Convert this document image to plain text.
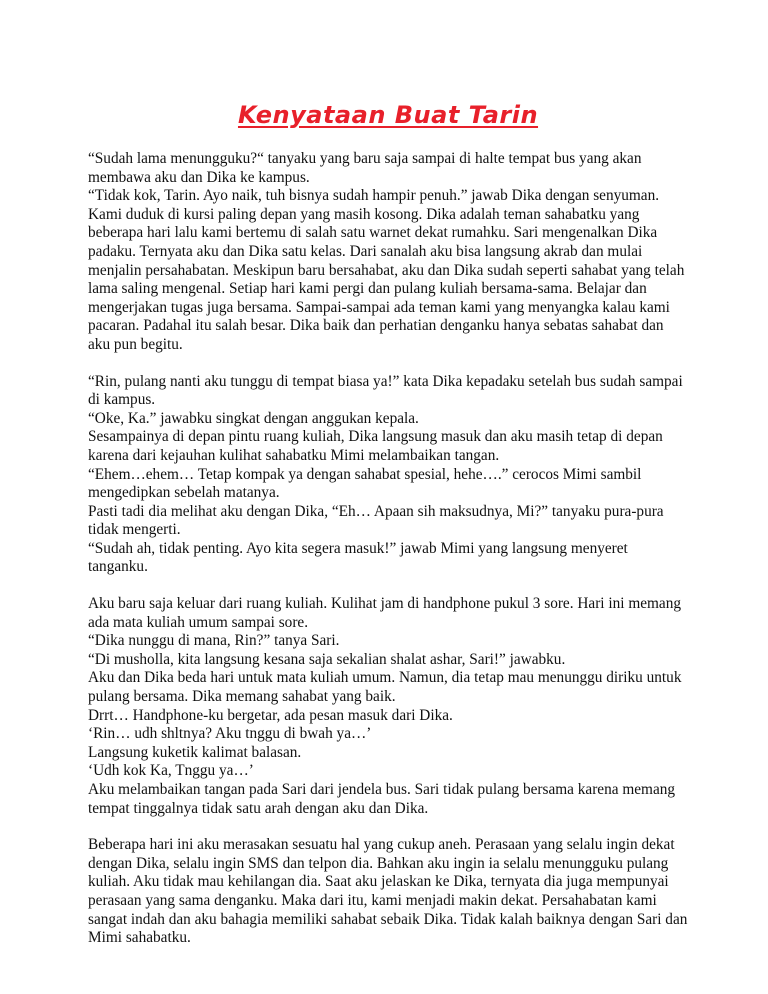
Kenyataan Buat Tarin

“Sudah lama menungguku?“ tanyaku yang baru saja sampai di halte tempat bus yang akan membawa aku dan Dika ke kampus.

“Tidak kok, Tarin. Ayo naik, tuh bisnya sudah hampir penuh.” jawab Dika dengan senyuman. Kami duduk di kursi paling depan yang masih kosong. Dika adalah teman sahabatku yang beberapa hari lalu kami bertemu di salah satu warnet dekat rumahku. Sari mengenalkan Dika padaku. Ternyata aku dan Dika satu kelas. Dari sanalah aku bisa langsung akrab dan mulai menjalin persahabatan. Meskipun baru bersahabat, aku dan Dika sudah seperti sahabat yang telah lama saling mengenal. Setiap hari kami pergi dan pulang kuliah bersama-sama. Belajar dan mengerjakan tugas juga bersama. Sampai-sampai ada teman kami yang menyangka kalau kami pacaran. Padahal itu salah besar. Dika baik dan perhatian denganku hanya sebatas sahabat dan aku pun begitu.

“Rin, pulang nanti aku tunggu di tempat biasa ya!” kata Dika kepadaku setelah bus sudah sampai di kampus.

“Oke, Ka.” jawabku singkat dengan anggukan kepala.

Sesampainya di depan pintu ruang kuliah, Dika langsung masuk dan aku masih tetap di depan karena dari kejauhan kulihat sahabatku Mimi melambaikan tangan.

“Ehem…ehem… Tetap kompak ya dengan sahabat spesial, hehe….” cerocos Mimi sambil mengedipkan sebelah matanya.

Pasti tadi dia melihat aku dengan Dika, “Eh… Apaan sih maksudnya, Mi?” tanyaku pura-pura tidak mengerti.

“Sudah ah, tidak penting. Ayo kita segera masuk!” jawab Mimi yang langsung menyeret tanganku.

Aku baru saja keluar dari ruang kuliah. Kulihat jam di handphone pukul 3 sore. Hari ini memang ada mata kuliah umum sampai sore.

“Dika nunggu di mana, Rin?” tanya Sari.

“Di musholla, kita langsung kesana saja sekalian shalat ashar, Sari!” jawabku.

Aku dan Dika beda hari untuk mata kuliah umum. Namun, dia tetap mau menunggu diriku untuk pulang bersama. Dika memang sahabat yang baik.

Drrt… Handphone-ku bergetar, ada pesan masuk dari Dika.

‘Rin… udh shltnya? Aku tnggu di bwah ya…’

Langsung kuketik kalimat balasan.

‘Udh kok Ka, Tnggu ya…’

Aku melambaikan tangan pada Sari dari jendela bus. Sari tidak pulang bersama karena memang tempat tinggalnya tidak satu arah dengan aku dan Dika.

Beberapa hari ini aku merasakan sesuatu hal yang cukup aneh. Perasaan yang selalu ingin dekat dengan Dika, selalu ingin SMS dan telpon dia. Bahkan aku ingin ia selalu menungguku pulang kuliah. Aku tidak mau kehilangan dia. Saat aku jelaskan ke Dika, ternyata dia juga mempunyai perasaan yang sama denganku. Maka dari itu, kami menjadi makin dekat. Persahabatan kami sangat indah dan aku bahagia memiliki sahabat sebaik Dika. Tidak kalah baiknya dengan Sari dan Mimi sahabatku.
